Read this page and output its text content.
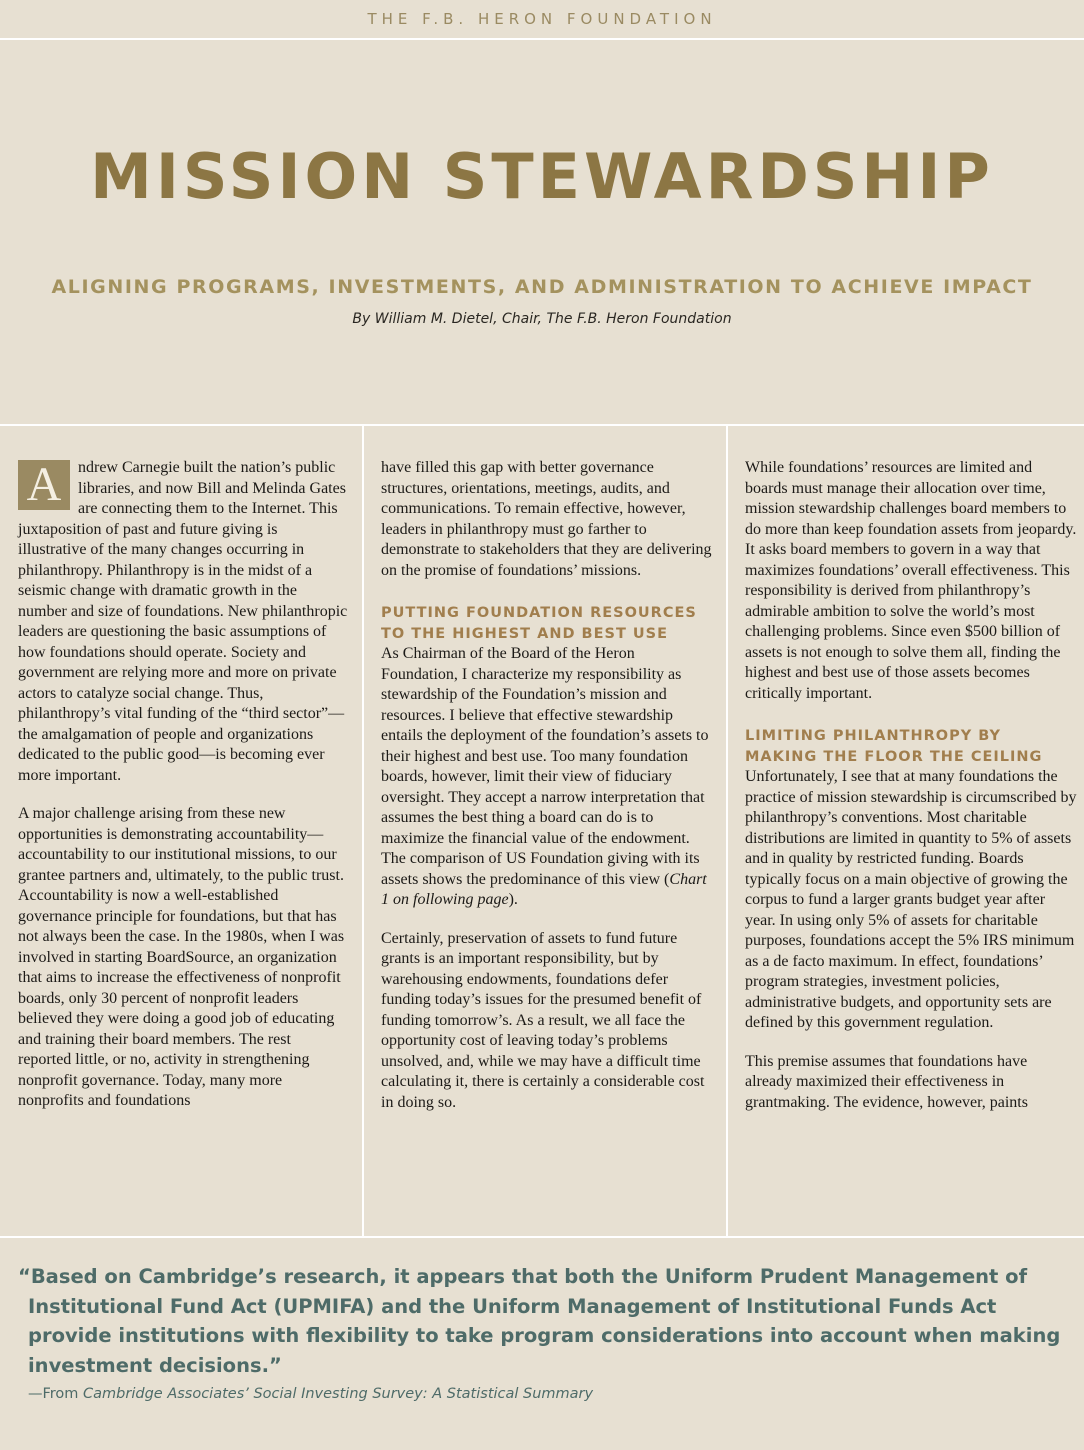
THE F.B. HERON FOUNDATION
MISSION STEWARDSHIP
ALIGNING PROGRAMS, INVESTMENTS, AND ADMINISTRATION TO ACHIEVE IMPACT

By William M. Dietel, Chair, The F.B. Heron Foundation

A	ndrew Carnegie built the nation’s public libraries, and now Bill and Melinda Gates are connecting them to the Internet. This juxtaposition of past and future giving is illustrative of the many changes occurring in philanthropy. Philanthropy is in the midst of a seismic change with dramatic growth in the number and size of foundations. New philanthropic leaders are questioning the basic assumptions of how foundations should operate. Society and government are relying more and more on private actors to catalyze social change. Thus, philanthropy’s vital funding of the “third sector”—the amalgamation of people and organizations dedicated to the public good—is becoming ever more important.

A major challenge arising from these new opportunities is demonstrating accountability—accountability to our institutional missions, to our grantee partners and, ultimately, to the public trust. Accountability is now a well-established governance principle for foundations, but that has not always been the case. In the 1980s, when I was involved in starting BoardSource, an organization that aims to increase the effectiveness of nonprofit boards, only 30 percent of nonprofit leaders believed they were doing a good job of educating and training their board members. The rest reported little, or no, activity in strengthening nonprofit governance. Today, many more nonprofits and foundations

have filled this gap with better governance structures, orientations, meetings, audits, and communications. To remain effective, however, leaders in philanthropy must go farther to demonstrate to stakeholders that they are delivering on the promise of foundations’ missions.

PUTTING FOUNDATION RESOURCES TO THE HIGHEST AND BEST USE

As Chairman of the Board of the Heron Foundation, I characterize my responsibility as stewardship of the Foundation’s mission and resources. I believe that effective stewardship entails the deployment of the foundation’s assets to their highest and best use. Too many foundation boards, however, limit their view of fiduciary oversight. They accept a narrow interpretation that assumes the best thing a board can do is to maximize the financial value of the endowment. The comparison of US Foundation giving with its assets shows the predominance of this view (Chart 1 on following page).

Certainly, preservation of assets to fund future grants is an important responsibility, but by warehousing endowments, foundations defer funding today’s issues for the presumed benefit of funding tomorrow’s. As a result, we all face the opportunity cost of leaving today’s problems unsolved, and, while we may have a difficult time calculating it, there is certainly a considerable cost in doing so.

While foundations’ resources are limited and boards must manage their allocation over time, mission stewardship challenges board members to do more than keep foundation assets from jeopardy. It asks board members to govern in a way that maximizes foundations’ overall effectiveness. This responsibility is derived from philanthropy’s admirable ambition to solve the world’s most challenging problems. Since even $500 billion of assets is not enough to solve them all, finding the highest and best use of those assets becomes critically important.

LIMITING PHILANTHROPY BY MAKING THE FLOOR THE CEILING

Unfortunately, I see that at many foundations the practice of mission stewardship is circumscribed by philanthropy’s conventions. Most charitable distributions are limited in quantity to 5% of assets and in quality by restricted funding. Boards typically focus on a main objective of growing the corpus to fund a larger grants budget year after year. In using only 5% of assets for charitable purposes, foundations accept the 5% IRS minimum as a de facto maximum. In effect, foundations’ program strategies, investment policies, administrative budgets, and opportunity sets are defined by this government regulation.

This premise assumes that foundations have already maximized their effectiveness in grantmaking. The evidence, however, paints

“Based on Cambridge’s research, it appears that both the Uniform Prudent Management of Institutional Fund Act (UPMIFA) and the Uniform Management of Institutional Funds Act provide institutions with flexibility to take program considerations into account when making investment decisions.”

—From Cambridge Associates’ Social Investing Survey: A Statistical Summary
